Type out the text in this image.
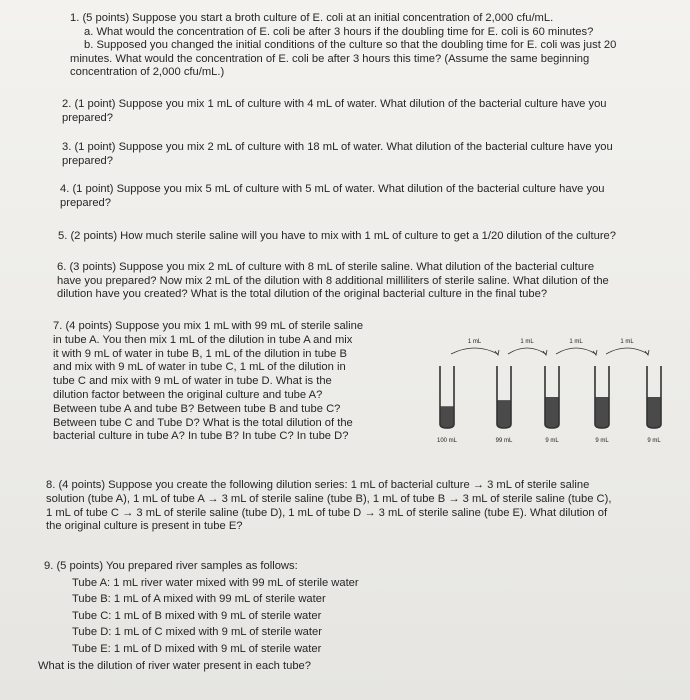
1. (5 points) Suppose you start a broth culture of E. coli at an initial concentration of 2,000 cfu/mL.

a. What would the concentration of E. coli be after 3 hours if the doubling time for E. coli is 60 minutes?

b. Supposed you changed the initial conditions of the culture so that the doubling time for E. coli was just 20

minutes. What would the concentration of E. coli be after 3 hours this time? (Assume the same beginning

concentration of 2,000 cfu/mL.)

2. (1 point) Suppose you mix 1 mL of culture with 4 mL of water. What dilution of the bacterial culture have you

prepared?

3. (1 point) Suppose you mix 2 mL of culture with 18 mL of water. What dilution of the bacterial culture have you

prepared?

4. (1 point) Suppose you mix 5 mL of culture with 5 mL of water. What dilution of the bacterial culture have you

prepared?

5. (2 points) How much sterile saline will you have to mix with 1 mL of culture to get a 1/20 dilution of the culture?

6. (3 points) Suppose you mix 2 mL of culture with 8 mL of sterile saline. What dilution of the bacterial culture

have you prepared? Now mix 2 mL of the dilution with 8 additional milliliters of sterile saline. What dilution of the

dilution have you created? What is the total dilution of the original bacterial culture in the final tube?

7. (4 points) Suppose you mix 1 mL with 99 mL of sterile saline

in tube A. You then mix 1 mL of the dilution in tube A and mix

it with 9 mL of water in tube B, 1 mL of the dilution in tube B

and mix with 9 mL of water in tube C, 1 mL of the dilution in

tube C and mix with 9 mL of water in tube D. What is the

dilution factor between the original culture and tube A?

Between tube A and tube B? Between tube B and tube C?

Between tube C and Tube D? What is the total dilution of the

bacterial culture in tube A? In tube B? In tube C? In tube D?

1 mL	1 mL	1 mL	1 mL
100 mL	99 mL	9 mL	9 mL	9 mL

8. (4 points) Suppose you create the following dilution series: 1 mL of bacterial culture → 3 mL of sterile saline

solution (tube A), 1 mL of tube A → 3 mL of sterile saline (tube B), 1 mL of tube B → 3 mL of sterile saline (tube C),

1 mL of tube C → 3 mL of sterile saline (tube D), 1 mL of tube D → 3 mL of sterile saline (tube E). What dilution of

the original culture is present in tube E?

9. (5 points) You prepared river samples as follows:

Tube A: 1 mL river water mixed with 99 mL of sterile water

Tube B: 1 mL of A mixed with 99 mL of sterile water

Tube C: 1 mL of B mixed with 9 mL of sterile water

Tube D: 1 mL of C mixed with 9 mL of sterile water

Tube E: 1 mL of D mixed with 9 mL of sterile water

What is the dilution of river water present in each tube?
